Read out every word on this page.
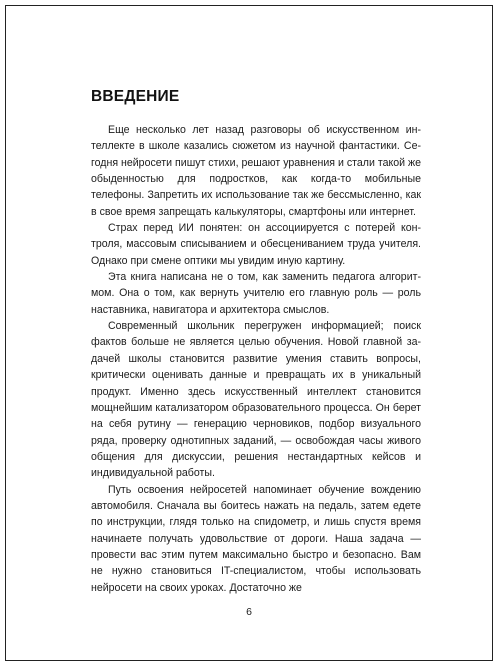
ВВЕДЕНИЕ

Еще несколько лет назад разговоры об искусственном интеллекте в школе казались сюжетом из научной фантастики. Сегодня нейросети пишут стихи, решают уравнения и стали такой же обыденностью для подростков, как когда-то мобильные телефоны. Запретить их использование так же бессмысленно, как в свое время запрещать калькуляторы, смартфоны или интернет.

Страх перед ИИ понятен: он ассоциируется с потерей контроля, массовым списыванием и обесцениванием труда учителя. Однако при смене оптики мы увидим иную картину.

Эта книга написана не о том, как заменить педагога алгоритмом. Она о том, как вернуть учителю его главную роль — роль наставника, навигатора и архитектора смыслов.

Современный школьник перегружен информацией; поиск фактов больше не является целью обучения. Новой главной задачей школы становится развитие умения ставить вопросы, критически оценивать данные и превращать их в уникальный продукт. Именно здесь искусственный интеллект становится мощнейшим катализатором образовательного процесса. Он берет на себя рутину — генерацию черновиков, подбор визуального ряда, проверку однотипных заданий, — освобождая часы живого общения для дискуссии, решения нестандартных кейсов и индивидуальной работы.

Путь освоения нейросетей напоминает обучение вождению автомобиля. Сначала вы боитесь нажать на педаль, затем едете по инструкции, глядя только на спидометр, и лишь спустя время начинаете получать удовольствие от дороги. Наша задача — провести вас этим путем максимально быстро и безопасно. Вам не нужно становиться IT-специалистом, чтобы использовать нейросети на своих уроках. Достаточно же

6
